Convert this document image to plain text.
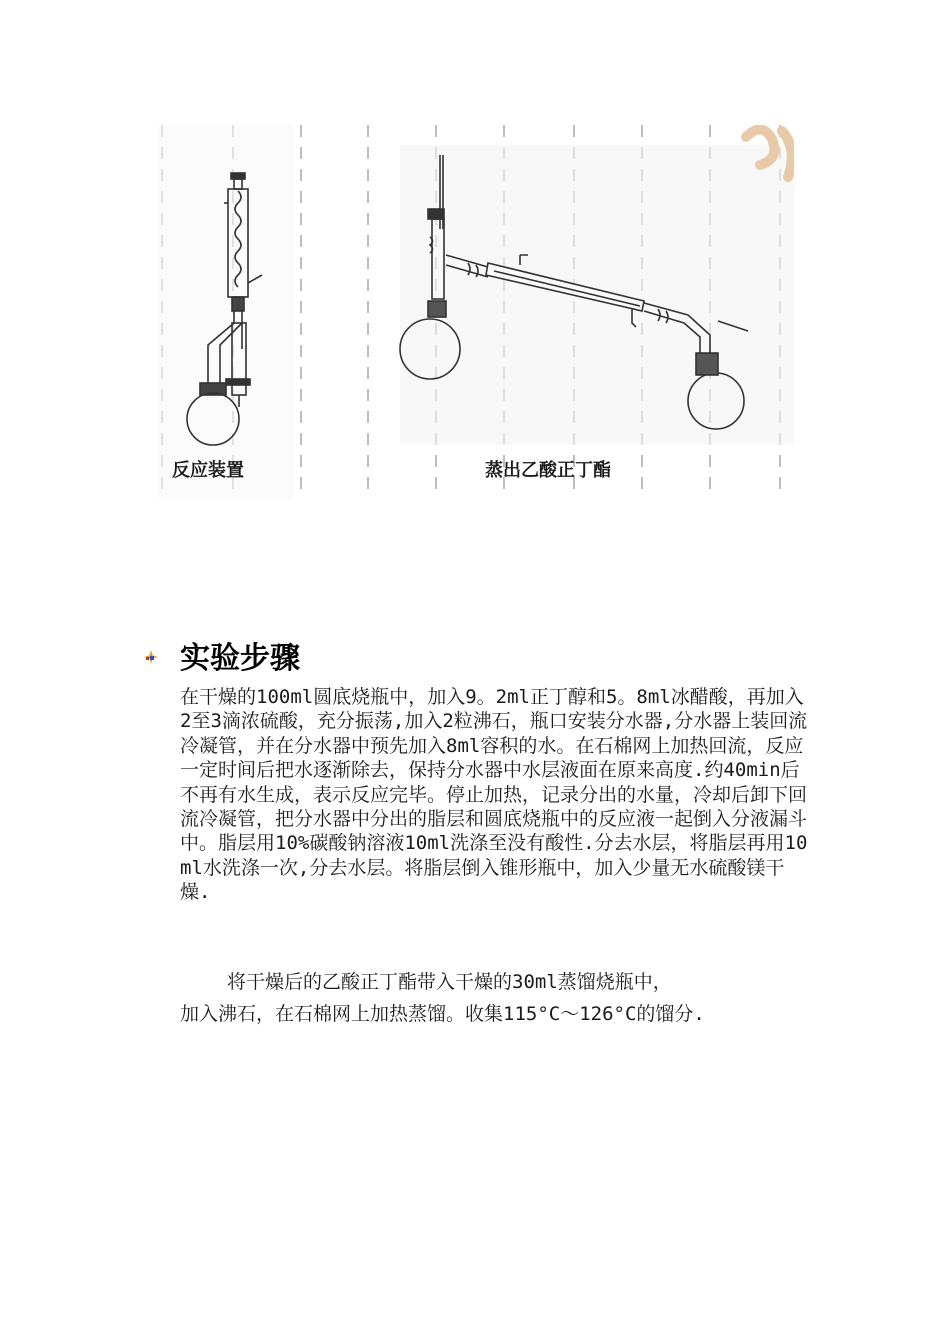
反应装置	蒸出乙酸正丁酯
实验步骤

在干燥的100ml圆底烧瓶中，加入9。2ml正丁醇和5。8ml冰醋酸，再加入2至3滴浓硫酸，充分振荡,加入2粒沸石，瓶口安装分水器,分水器上装回流冷凝管，并在分水器中预先加入8ml容积的水。在石棉网上加热回流，反应一定时间后把水逐渐除去，保持分水器中水层液面在原来高度.约40min后不再有水生成，表示反应完毕。停止加热，记录分出的水量，冷却后卸下回流冷凝管，把分水器中分出的脂层和圆底烧瓶中的反应液一起倒入分液漏斗中。脂层用10%碳酸钠溶液10ml洗涤至没有酸性.分去水层，将脂层再用10ml水洗涤一次,分去水层。将脂层倒入锥形瓶中，加入少量无水硫酸镁干燥.

将干燥后的乙酸正丁酯带入干燥的30ml蒸馏烧瓶中，
加入沸石，在石棉网上加热蒸馏。收集115°C～126°C的馏分.
